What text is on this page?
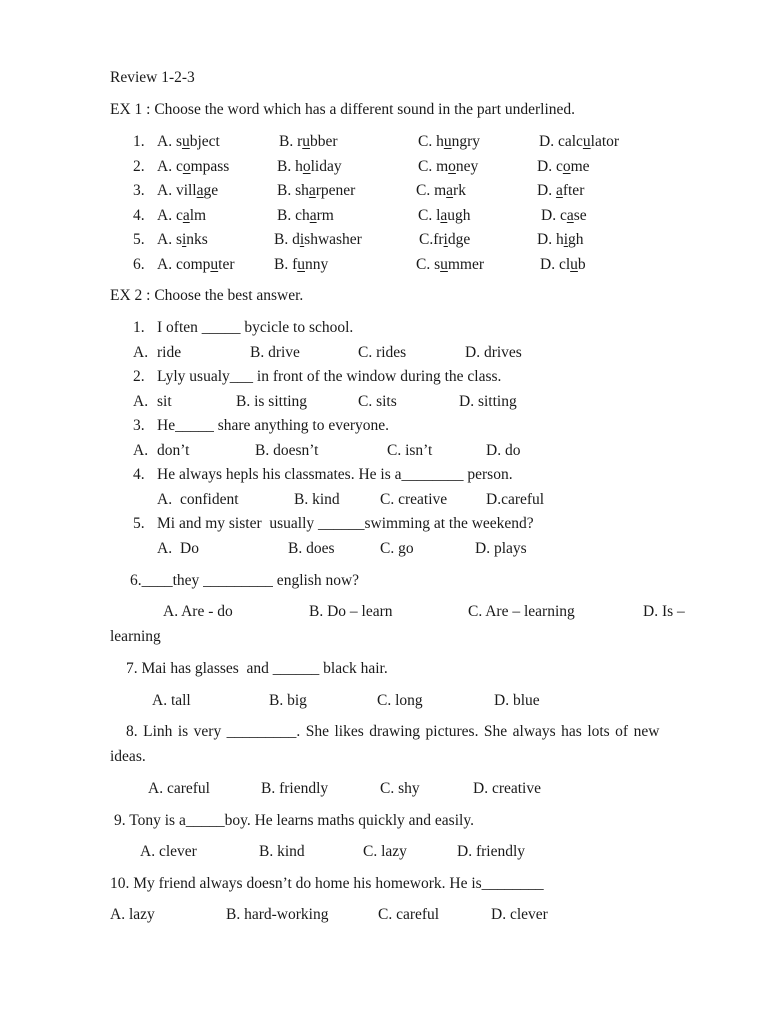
Review 1-2-3
EX 1 : Choose the word which has a different sound in the part underlined.
1. A. subject	B. rubber	C. hungry	D. calculator
2. A. compass	B. holiday	C. money	D. come
3. A. village	B. sharpener	C. mark	D. after
4. A. calm	B. charm	C. laugh	D. case
5. A. sinks	B. dishwasher	C.fridge	D. high
6. A. computer	B. funny	C. summer	D. club
EX 2 : Choose the best answer.
1. I often _____ bycicle to school.
A. ride	B. drive	C. rides	D. drives
2. Lyly usualy___ in front of the window during the class.
A. sit	B. is sitting	C. sits	D. sitting
3. He_____ share anything to everyone.
A. don’t	B. doesn’t	C. isn’t	D. do
4. He always hepls his classmates. He is a________ person.
A. confident	B. kind	C. creative	D.careful
5. Mi and my sister  usually ______swimming at the weekend?
A. Do	B. does	C. go	D. plays
6.____they _________ english now?
A. Are - do	B. Do – learn	C. Are – learning	D. Is –
learning
7. Mai has glasses  and ______ black hair.
A. tall	B. big	C. long	D. blue
8. Linh is very _________. She likes drawing pictures. She always has lots of new
ideas.
A. careful	B. friendly	C. shy	D. creative
9. Tony is a_____boy. He learns maths quickly and easily.
A. clever	B. kind	C. lazy	D. friendly
10. My friend always doesn’t do home his homework. He is________
A. lazy	B. hard-working	C. careful	D. clever
